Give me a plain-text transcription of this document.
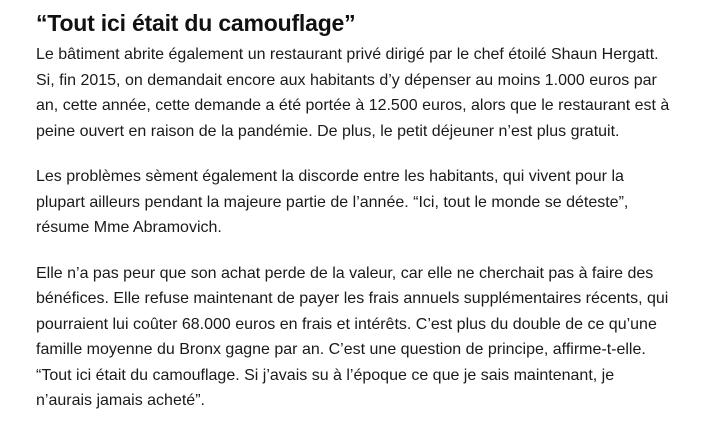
“Tout ici était du camouflage”

Le bâtiment abrite également un restaurant privé dirigé par le chef étoilé Shaun Hergatt.
Si, fin 2015, on demandait encore aux habitants d’y dépenser au moins 1.000 euros par
an, cette année, cette demande a été portée à 12.500 euros, alors que le restaurant est à
peine ouvert en raison de la pandémie. De plus, le petit déjeuner n’est plus gratuit.

Les problèmes sèment également la discorde entre les habitants, qui vivent pour la
plupart ailleurs pendant la majeure partie de l’année. “Ici, tout le monde se déteste”,
résume Mme Abramovich.

Elle n’a pas peur que son achat perde de la valeur, car elle ne cherchait pas à faire des
bénéfices. Elle refuse maintenant de payer les frais annuels supplémentaires récents, qui
pourraient lui coûter 68.000 euros en frais et intérêts. C’est plus du double de ce qu’une
famille moyenne du Bronx gagne par an. C’est une question de principe, affirme-t-elle.
“Tout ici était du camouflage. Si j’avais su à l’époque ce que je sais maintenant, je
n’aurais jamais acheté”.
